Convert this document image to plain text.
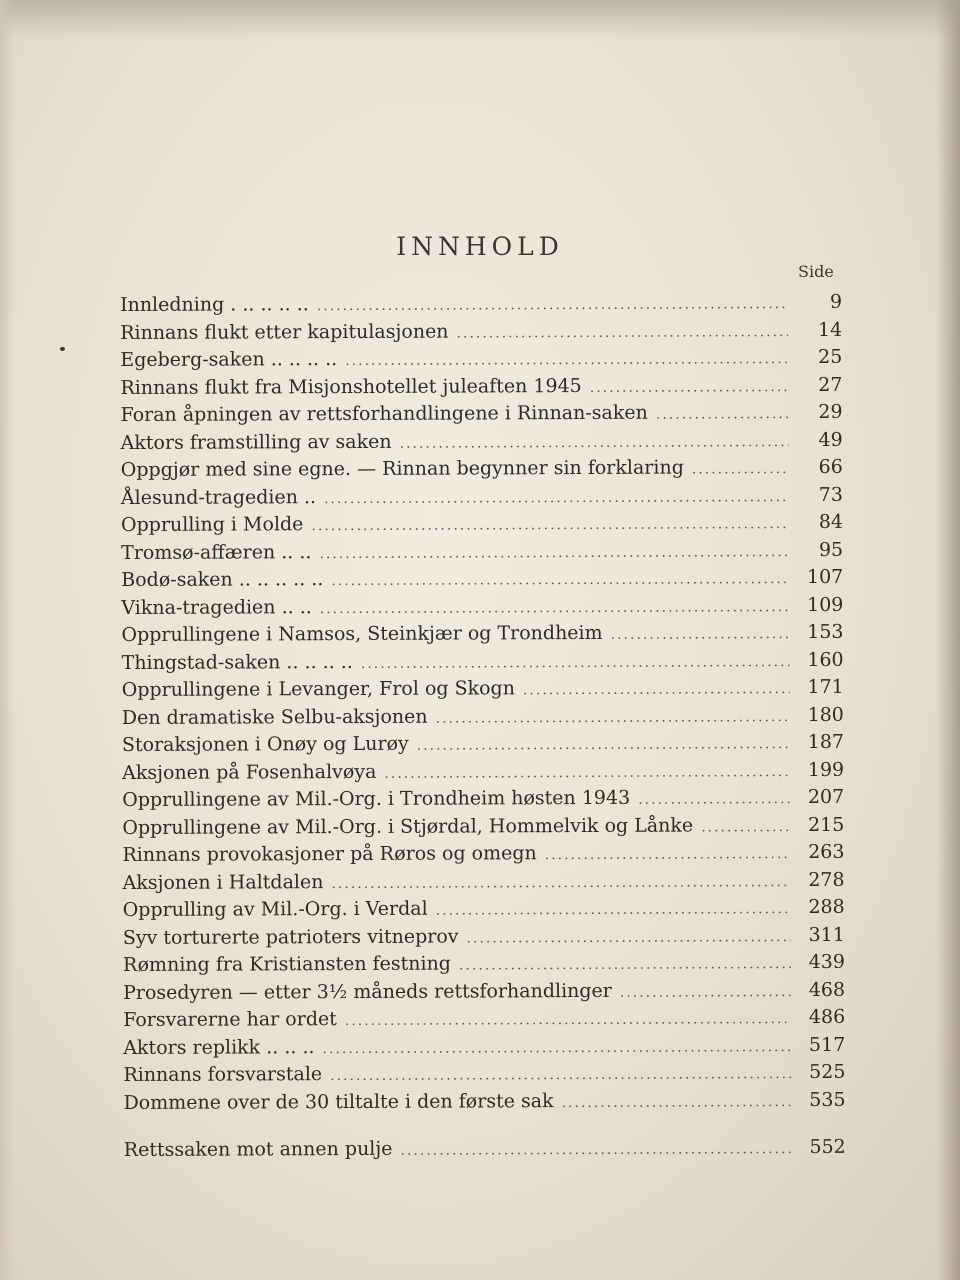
INNHOLD
Side
Innledning . .. .. .. .. .....	9
Rinnans flukt etter kapitulasjonen .....	14
Egeberg-saken .. .. .. .. .....	25
Rinnans flukt fra Misjonshotellet juleaften 1945 .....	27
Foran åpningen av rettsforhandlingene i Rinnan-saken .....	29
Aktors framstilling av saken .....	49
Oppgjør med sine egne. — Rinnan begynner sin forklaring .....	66
Ålesund-tragedien .. .....	73
Opprulling i Molde .....	84
Tromsø-affæren .. .. .....	95
Bodø-saken .. .. .. .. .. .....	107
Vikna-tragedien .. .. .....	109
Opprullingene i Namsos, Steinkjær og Trondheim .....	153
Thingstad-saken .. .. .. .. .....	160
Opprullingene i Levanger, Frol og Skogn .....	171
Den dramatiske Selbu-aksjonen .....	180
Storaksjonen i Onøy og Lurøy .....	187
Aksjonen på Fosenhalvøya .....	199
Opprullingene av Mil.-Org. i Trondheim høsten 1943 .....	207
Opprullingene av Mil.-Org. i Stjørdal, Hommelvik og Lånke .....	215
Rinnans provokasjoner på Røros og omegn .....	263
Aksjonen i Haltdalen .....	278
Opprulling av Mil.-Org. i Verdal .....	288
Syv torturerte patrioters vitneprov .....	311
Rømning fra Kristiansten festning .....	439
Prosedyren — etter 3½ måneds rettsforhandlinger .....	468
Forsvarerne har ordet .....	486
Aktors replikk .. .. .. .....	517
Rinnans forsvarstale .....	525
Dommene over de 30 tiltalte i den første sak .....	535
Rettssaken mot annen pulje .....	552
